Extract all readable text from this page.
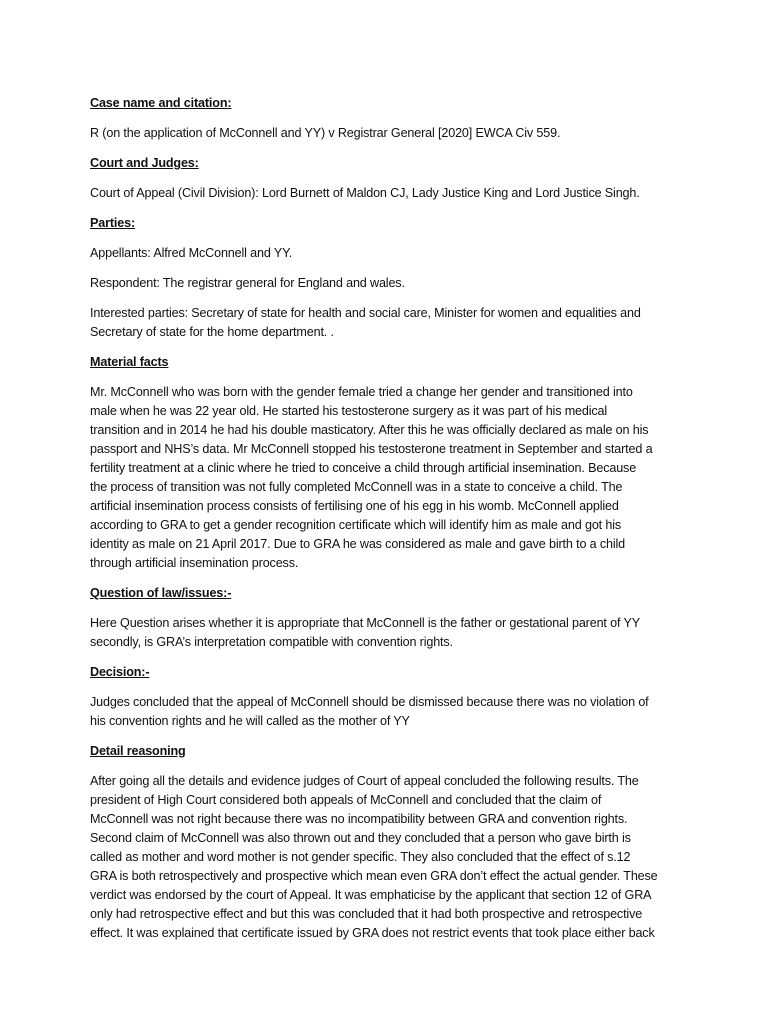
Case name and citation:
R (on the application of McConnell and YY) v Registrar General [2020] EWCA Civ 559.
Court and Judges:
Court of Appeal (Civil Division): Lord Burnett of Maldon CJ, Lady Justice King and Lord Justice Singh.
Parties:
Appellants: Alfred McConnell and YY.
Respondent: The registrar general for England and wales.
Interested parties: Secretary of state for health and social care, Minister for women and equalities and
Secretary of state for the home department. .
Material facts
Mr. McConnell who was born with the gender female tried a change her gender and transitioned into
male when he was 22 year old. He started his testosterone surgery as it was part of his medical
transition and in 2014 he had his double masticatory. After this he was officially declared as male on his
passport and NHS’s data. Mr McConnell stopped his testosterone treatment in September and started a
fertility treatment at a clinic where he tried to conceive a child through artificial insemination. Because
the process of transition was not fully completed McConnell was in a state to conceive a child. The
artificial insemination process consists of fertilising one of his egg in his womb. McConnell applied
according to GRA to get a gender recognition certificate which will identify him as male and got his
identity as male on 21 April 2017. Due to GRA he was considered as male and gave birth to a child
through artificial insemination process.
Question of law/issues:-
Here Question arises whether it is appropriate that McConnell is the father or gestational parent of YY
secondly, is GRA’s interpretation compatible with convention rights.
Decision:-
Judges concluded that the appeal of McConnell should be dismissed because there was no violation of
his convention rights and he will called as the mother of YY
Detail reasoning
After going all the details and evidence judges of Court of appeal concluded the following results. The
president of High Court considered both appeals of McConnell and concluded that the claim of
McConnell was not right because there was no incompatibility between GRA and convention rights.
Second claim of McConnell was also thrown out and they concluded that a person who gave birth is
called as mother and word mother is not gender specific. They also concluded that the effect of s.12
GRA is both retrospectively and prospective which mean even GRA don’t effect the actual gender. These
verdict was endorsed by the court of Appeal. It was emphaticise by the applicant that section 12 of GRA
only had retrospective effect and but this was concluded that it had both prospective and retrospective
effect. It was explained that certificate issued by GRA does not restrict events that took place either back
